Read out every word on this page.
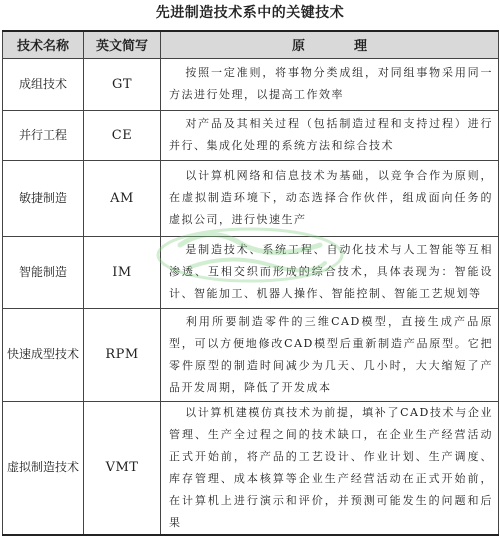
先进制造技术系中的关键技术
技术名称	英文简写	原　理
成组技术	GT	按照一定准则，将事物分类成组，对同组事物采用同一方法进行处理，以提高工作效率
并行工程	CE	对产品及其相关过程（包括制造过程和支持过程）进行并行、集成化处理的系统方法和综合技术
敏捷制造	AM	以计算机网络和信息技术为基础，以竞争合作为原则，在虚拟制造环境下，动态选择合作伙伴，组成面向任务的虚拟公司，进行快速生产
智能制造	IM	是制造技术、系统工程、自动化技术与人工智能等互相渗透、互相交织而形成的综合技术，具体表现为：智能设计、智能加工、机器人操作、智能控制、智能工艺规划等
快速成型技术	RPM	利用所要制造零件的三维CAD模型，直接生成产品原型，可以方便地修改CAD模型后重新制造产品原型。它把零件原型的制造时间减少为几天、几小时，大大缩短了产品开发周期，降低了开发成本
虚拟制造技术	VMT	以计算机建模仿真技术为前提，填补了CAD技术与企业管理、生产全过程之间的技术缺口，在企业生产经营活动正式开始前，将产品的工艺设计、作业计划、生产调度、库存管理、成本核算等企业生产经营活动在正式开始前，在计算机上进行演示和评价，并预测可能发生的问题和后果
